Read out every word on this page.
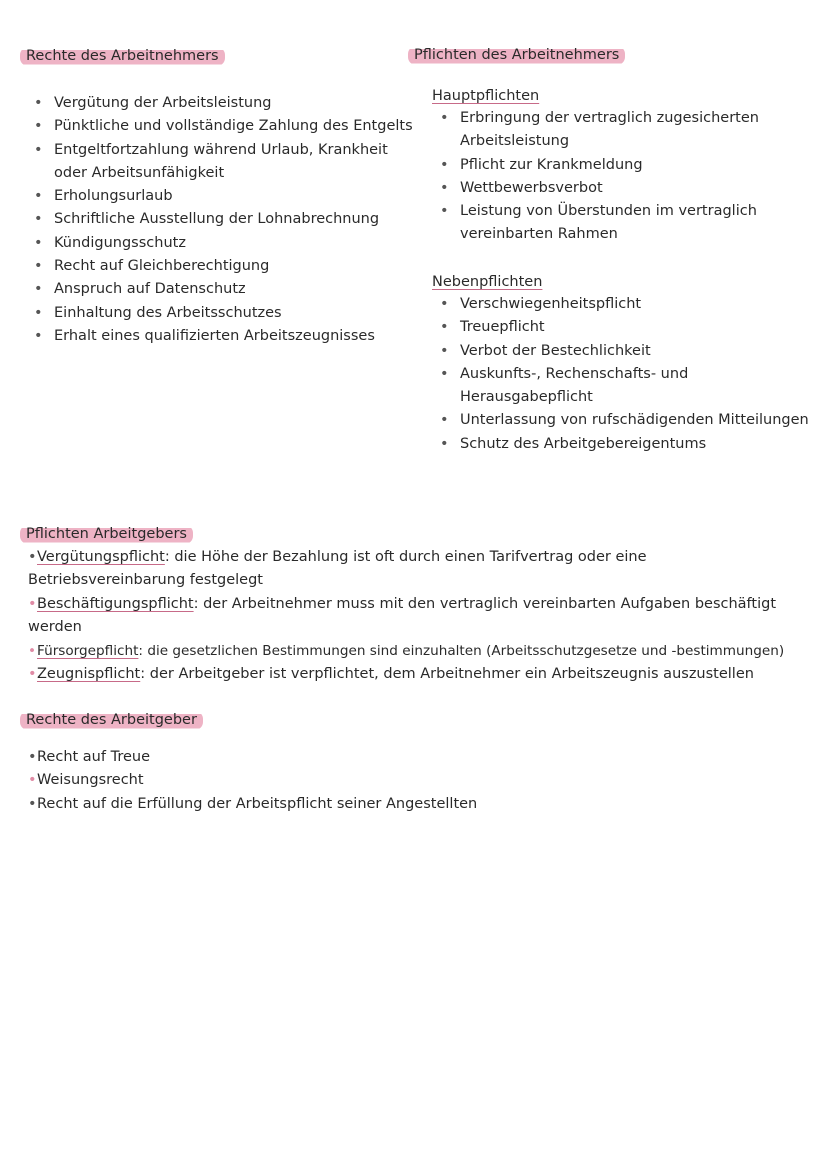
Rechte des Arbeitnehmers
• Vergütung der Arbeitsleistung
• Pünktliche und vollständige Zahlung des Entgelts
• Entgeltfortzahlung während Urlaub, Krankheit oder Arbeitsunfähigkeit
• Erholungsurlaub
• Schriftliche Ausstellung der Lohnabrechnung
• Kündigungsschutz
• Recht auf Gleichberechtigung
• Anspruch auf Datenschutz
• Einhaltung des Arbeitsschutzes
• Erhalt eines qualifizierten Arbeitszeugnisses
Pflichten des Arbeitnehmers
Hauptpflichten
• Erbringung der vertraglich zugesicherten Arbeitsleistung
• Pflicht zur Krankmeldung
• Wettbewerbsverbot
• Leistung von Überstunden im vertraglich vereinbarten Rahmen
Nebenpflichten
• Verschwiegenheitspflicht
• Treuepflicht
• Verbot der Bestechlichkeit
• Auskunfts-, Rechenschafts- und Herausgabepflicht
• Unterlassung von rufschädigenden Mitteilungen
• Schutz des Arbeitgebereigentums
Pflichten Arbeitgebers

•Vergütungspflicht: die Höhe der Bezahlung ist oft durch einen Tarifvertrag oder eine Betriebsvereinbarung festgelegt

•Beschäftigungspflicht: der Arbeitnehmer muss mit den vertraglich vereinbarten Aufgaben beschäftigt werden

•Fürsorgepflicht: die gesetzlichen Bestimmungen sind einzuhalten (Arbeitsschutzgesetze und -bestimmungen)

•Zeugnispflicht: der Arbeitgeber ist verpflichtet, dem Arbeitnehmer ein Arbeitszeugnis auszustellen

Rechte des Arbeitgeber
•Recht auf Treue
•Weisungsrecht
•Recht auf die Erfüllung der Arbeitspflicht seiner Angestellten
